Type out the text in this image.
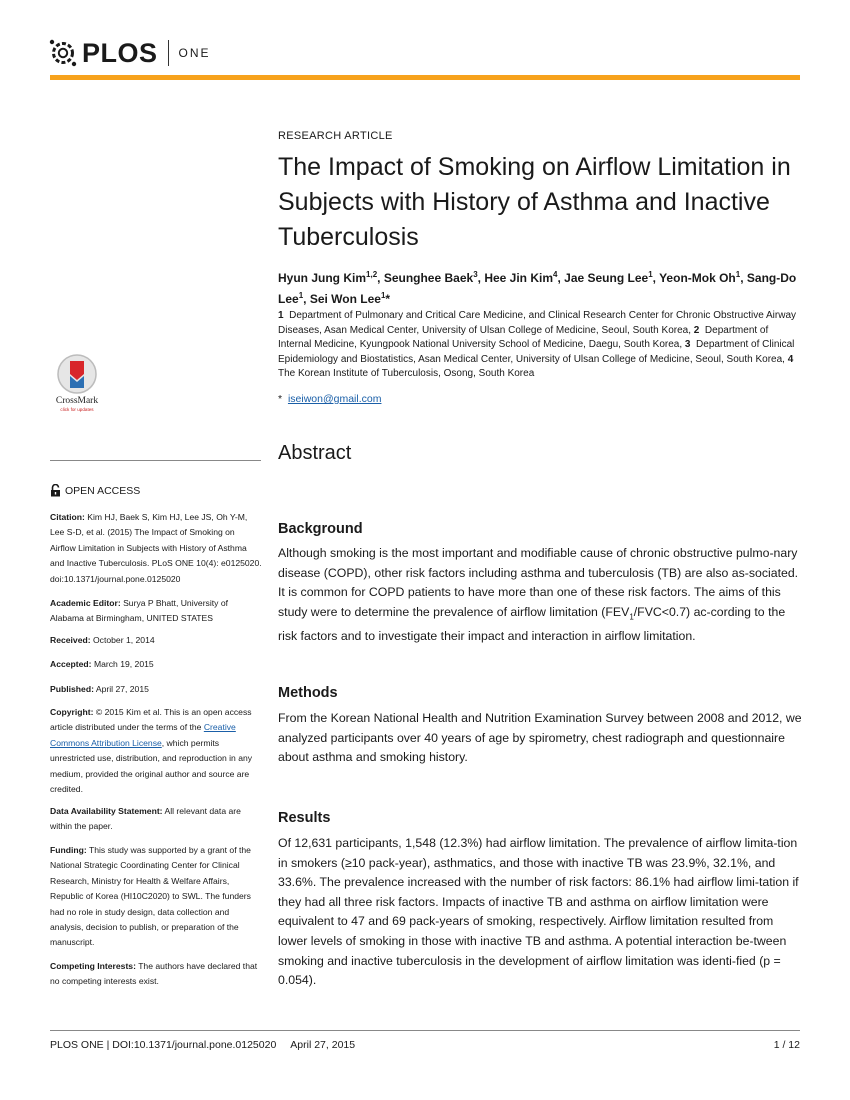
PLOS ONE
RESEARCH ARTICLE
The Impact of Smoking on Airflow Limitation in Subjects with History of Asthma and Inactive Tuberculosis
Hyun Jung Kim$^{1,2}$, Seunghee Baek$^3$, Hee Jin Kim$^4$, Jae Seung Lee$^1$, Yeon-Mok Oh$^1$, Sang-Do Lee$^1$, Sei Won Lee$^1$*
1 Department of Pulmonary and Critical Care Medicine, and Clinical Research Center for Chronic Obstructive Airway Diseases, Asan Medical Center, University of Ulsan College of Medicine, Seoul, South Korea, 2 Department of Internal Medicine, Kyungpook National University School of Medicine, Daegu, South Korea, 3 Department of Clinical Epidemiology and Biostatistics, Asan Medical Center, University of Ulsan College of Medicine, Seoul, South Korea, 4  The Korean Institute of Tuberculosis, Osong, South Korea
* iseiwon@gmail.com
Abstract
Background

Although smoking is the most important and modifiable cause of chronic obstructive pulmo-nary disease (COPD), other risk factors including asthma and tuberculosis (TB) are also as-sociated. It is common for COPD patients to have more than one of these risk factors. The aims of this study were to determine the prevalence of airflow limitation $(FEV_1/FVC<0.7)$ ac-cording to the risk factors and to investigate their impact and interaction in airflow limitation.

Methods

From the Korean National Health and Nutrition Examination Survey between 2008 and 2012, we analyzed participants over 40 years of age by spirometry, chest radiograph and questionnaire about asthma and smoking history.

Results

Of 12,631 participants, 1,548 (12.3%) had airflow limitation. The prevalence of airflow limita-tion in smokers (≥10 pack-year), asthmatics, and those with inactive TB was 23.9%, 32.1%, and 33.6%. The prevalence increased with the number of risk factors: 86.1% had airflow limi-tation if they had all three risk factors. Impacts of inactive TB and asthma on airflow limitation were equivalent to 47 and 69 pack-years of smoking, respectively. Airflow limitation resulted from lower levels of smoking in those with inactive TB and asthma. A potential interaction be-tween smoking and inactive tuberculosis in the development of airflow limitation was identi-fied (p = 0.054).

CrossMark
click for updates
OPEN ACCESS

Citation: Kim HJ, Baek S, Kim HJ, Lee JS, Oh Y-M, Lee S-D, et al. (2015) The Impact of Smoking on Airflow Limitation in Subjects with History of Asthma and Inactive Tuberculosis. PLoS ONE 10(4): e0125020. doi:10.1371/journal.pone.0125020

Academic Editor: Surya P Bhatt, University of Alabama at Birmingham, UNITED STATES

Received: October 1, 2014

Accepted: March 19, 2015

Published: April 27, 2015

Copyright: © 2015 Kim et al. This is an open access article distributed under the terms of the Creative Commons Attribution License, which permits unrestricted use, distribution, and reproduction in any medium, provided the original author and source are credited.

Data Availability Statement: All relevant data are within the paper.

Funding: This study was supported by a grant of the National Strategic Coordinating Center for Clinical Research, Ministry for Health & Welfare Affairs, Republic of Korea (HI10C2020) to SWL. The funders had no role in study design, data collection and analysis, decision to publish, or preparation of the manuscript.

Competing Interests: The authors have declared that no competing interests exist.

PLOS ONE | DOI:10.1371/journal.pone.0125020     April 27, 2015	1 / 12
